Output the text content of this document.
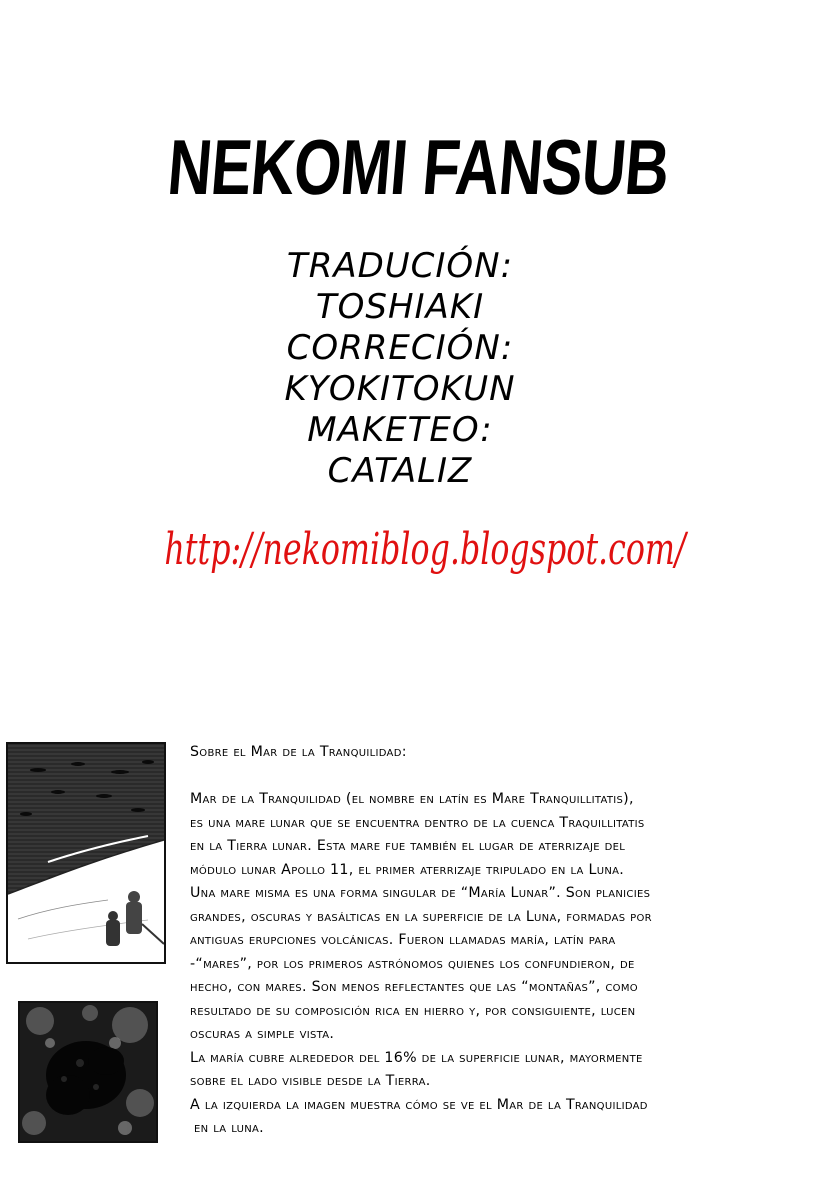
NEKOMI FANSUB
TRADUCIÓN:
TOSHIAKI
CORRECIÓN:
KYOKITOKUN
MAKETEO:
CATALIZ
http://nekomiblog.blogspot.com/

Sobre el Mar de la Tranquilidad:

Mar de la Tranquilidad (el nombre en latín es Mare Tranquillitatis),

es una mare lunar que se encuentra dentro de la cuenca Traquillitatis

en la Tierra lunar. Esta mare fue también el lugar de aterrizaje del

módulo lunar Apollo 11, el primer aterrizaje tripulado en la Luna.

Una mare misma es una forma singular de “María Lunar”. Son planicies

grandes, oscuras y basálticas en la superficie de la Luna, formadas por

antiguas erupciones volcánicas. Fueron llamadas maría, latín para

-“mares”, por los primeros astrónomos quienes los confundieron, de

hecho, con mares. Son menos reflectantes que las “montañas”, como

resultado de su composición rica en hierro y, por consiguiente, lucen

oscuras a simple vista.

La maría cubre alrededor del 16% de la superficie lunar, mayormente

sobre el lado visible desde la Tierra.

A la izquierda la imagen muestra cómo se ve el Mar de la Tranquilidad

en la luna.
